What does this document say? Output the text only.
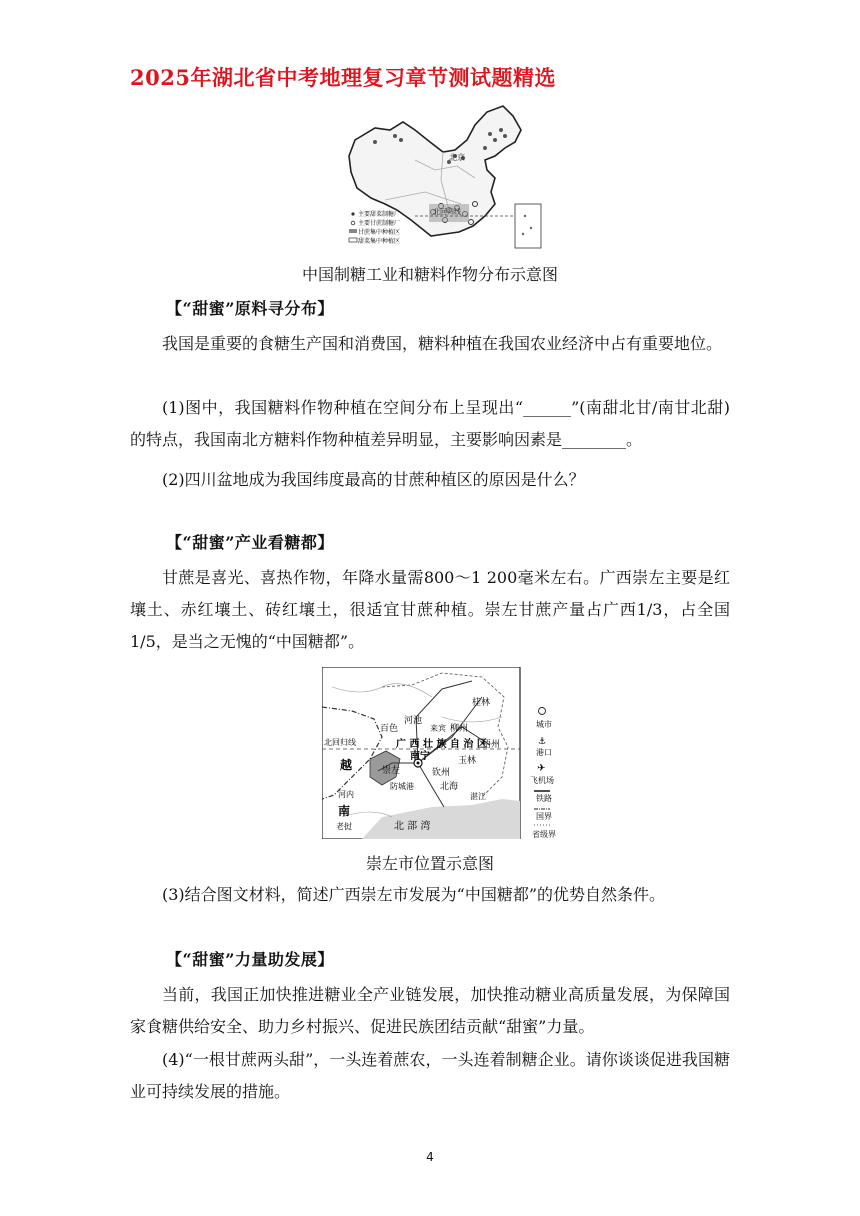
2025年湖北省中考地理复习章节测试题精选
北京
北回归线
主要甜菜制糖厂
主要甘蔗制糖厂
甘蔗集中种植区
甜菜集中种植区
中国制糖工业和糖料作物分布示意图
【“甜蜜”原料寻分布】
我国是重要的食糖生产国和消费国，糖料种植在我国农业经济中占有重要地位。
(1)图中，我国糖料作物种植在空间分布上呈现出“______”(南甜北甘/南甘北甜)的特点，我国南北方糖料作物种植差异明显，主要影响因素是________。
(2)四川盆地成为我国纬度最高的甘蔗种植区的原因是什么？
【“甜蜜”产业看糖都】
甘蔗是喜光、喜热作物，年降水量需800～1 200毫米左右。广西崇左主要是红壤土、赤红壤土、砖红壤土，很适宜甘蔗种植。崇左甘蔗产量占广西1/3，占全国1/5，是当之无愧的“中国糖都”。
桂林
河池
来宾 柳州
百色
广 西 壮 族 自 治 区
梧州
北回归线
南宁	玉林
崇左	钦州
防城港	北海
湛江
越
南
河内
老挝	北 部 湾
城市
⚓
港口
✈
飞机场
铁路
国界
省级界
崇左市位置示意图
(3)结合图文材料，简述广西崇左市发展为“中国糖都”的优势自然条件。
【“甜蜜”力量助发展】
当前，我国正加快推进糖业全产业链发展，加快推动糖业高质量发展，为保障国家食糖供给安全、助力乡村振兴、促进民族团结贡献“甜蜜”力量。
(4)“一根甘蔗两头甜”，一头连着蔗农，一头连着制糖企业。请你谈谈促进我国糖业可持续发展的措施。
4
